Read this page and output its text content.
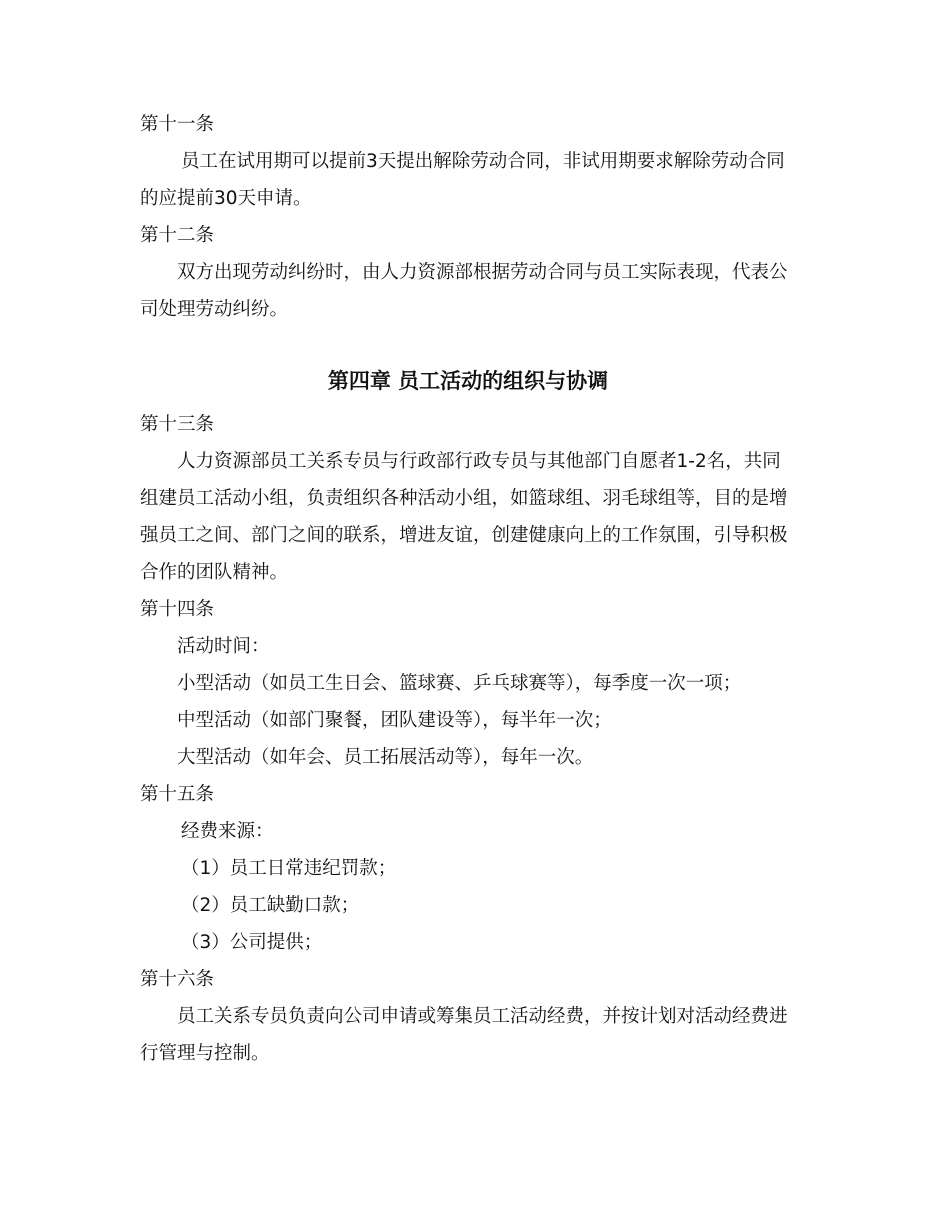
第十一条
员工在试用期可以提前3天提出解除劳动合同，非试用期要求解除劳动合同
的应提前30天申请。
第十二条
双方出现劳动纠纷时，由人力资源部根据劳动合同与员工实际表现，代表公
司处理劳动纠纷。
第四章 员工活动的组织与协调
第十三条
人力资源部员工关系专员与行政部行政专员与其他部门自愿者1-2名，共同
组建员工活动小组，负责组织各种活动小组，如篮球组、羽毛球组等，目的是增
强员工之间、部门之间的联系，增进友谊，创建健康向上的工作氛围，引导积极
合作的团队精神。
第十四条
活动时间：
小型活动（如员工生日会、篮球赛、乒乓球赛等），每季度一次一项；
中型活动（如部门聚餐，团队建设等），每半年一次；
大型活动（如年会、员工拓展活动等），每年一次。
第十五条
经费来源：
（1）员工日常违纪罚款；
（2）员工缺勤口款；
（3）公司提供；
第十六条
员工关系专员负责向公司申请或筹集员工活动经费，并按计划对活动经费进
行管理与控制。
